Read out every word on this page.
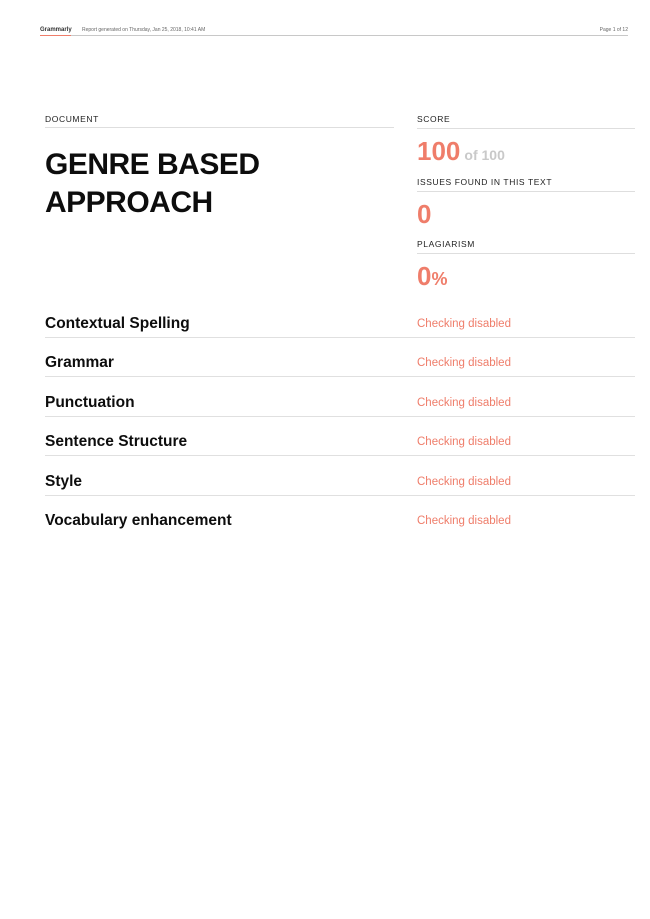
Grammarly Report generated on Thursday, Jan 25, 2018, 10:41 AM	Page 1 of 12
DOCUMENT
GENRE BASED APPROACH
SCORE
100 of 100
ISSUES FOUND IN THIS TEXT
0
PLAGIARISM
0%
Contextual Spelling	Checking disabled
Grammar	Checking disabled
Punctuation	Checking disabled
Sentence Structure	Checking disabled
Style	Checking disabled
Vocabulary enhancement	Checking disabled
